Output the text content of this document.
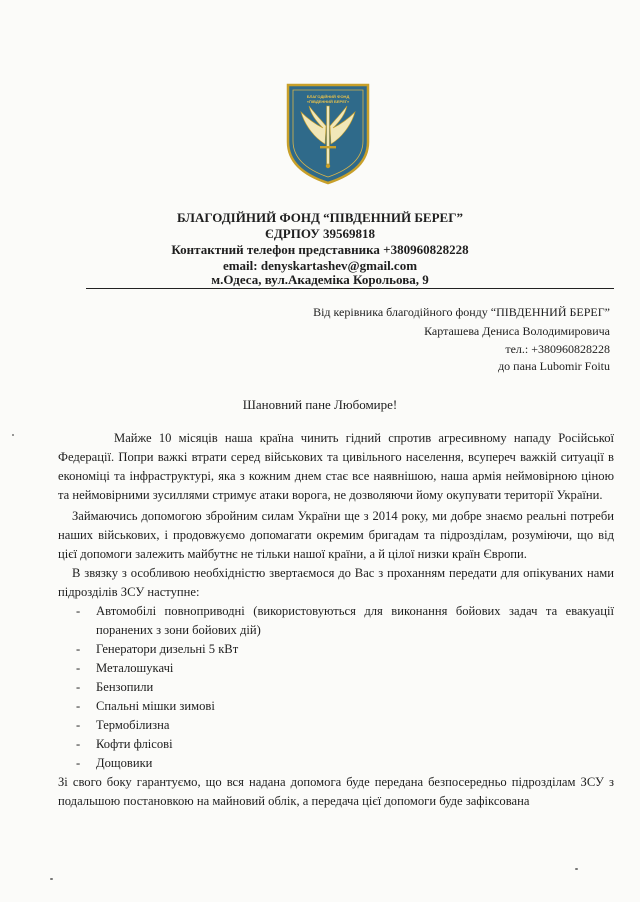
БЛАГОДІЙНИЙ ФОНД «ПІВДЕННИЙ БЕРЕГ»
БЛАГОДІЙНИЙ ФОНД “ПІВДЕННИЙ БЕРЕГ”
ЄДРПОУ 39569818
Контактний телефон представника +380960828228
email: denyskartashev@gmail.com
м.Одеса, вул.Академіка Корольова, 9
Від керівника благодійного фонду “ПІВДЕННИЙ БЕРЕГ”
Карташева Дениса Володимировича
тел.: +380960828228
до пана Lubomir Foitu
Шановний пане Любомире!

Майже 10 місяців наша країна чинить гідний спротив агресивному нападу Російської Федерації. Попри важкі втрати серед військових та цивільного населення, всупереч важкій ситуації в економіці та інфраструктурі, яка з кожним днем стає все наявнішою, наша армія неймовірною ціною та неймовірними зусиллями стримує атаки ворога, не дозволяючи йому окупувати території України.

Займаючись допомогою збройним силам України ще з 2014 року, ми добре знаємо реальні потреби наших військових, і продовжуємо допомагати окремим бригадам та підрозділам, розуміючи, що від цієї допомоги залежить майбутнє не тільки нашої країни, а й цілої низки країн Європи.

В звязку з особливою необхідністю звертаємося до Вас з проханням передати для опікуваних нами підрозділів ЗСУ наступне:

- Автомобілі повноприводні (використовуються для виконання бойових задач та евакуації поранених з зони бойових дій)
- Генератори дизельні 5 кВт
- Металошукачі
- Бензопили
- Спальні мішки зимові
- Термобілизна
- Кофти флісові
- Дощовики

Зі свого боку гарантуємо, що вся надана допомога буде передана безпосередньо підрозділам ЗСУ з подальшою постановкою на майновий облік, а передача цієї допомоги буде зафіксована
